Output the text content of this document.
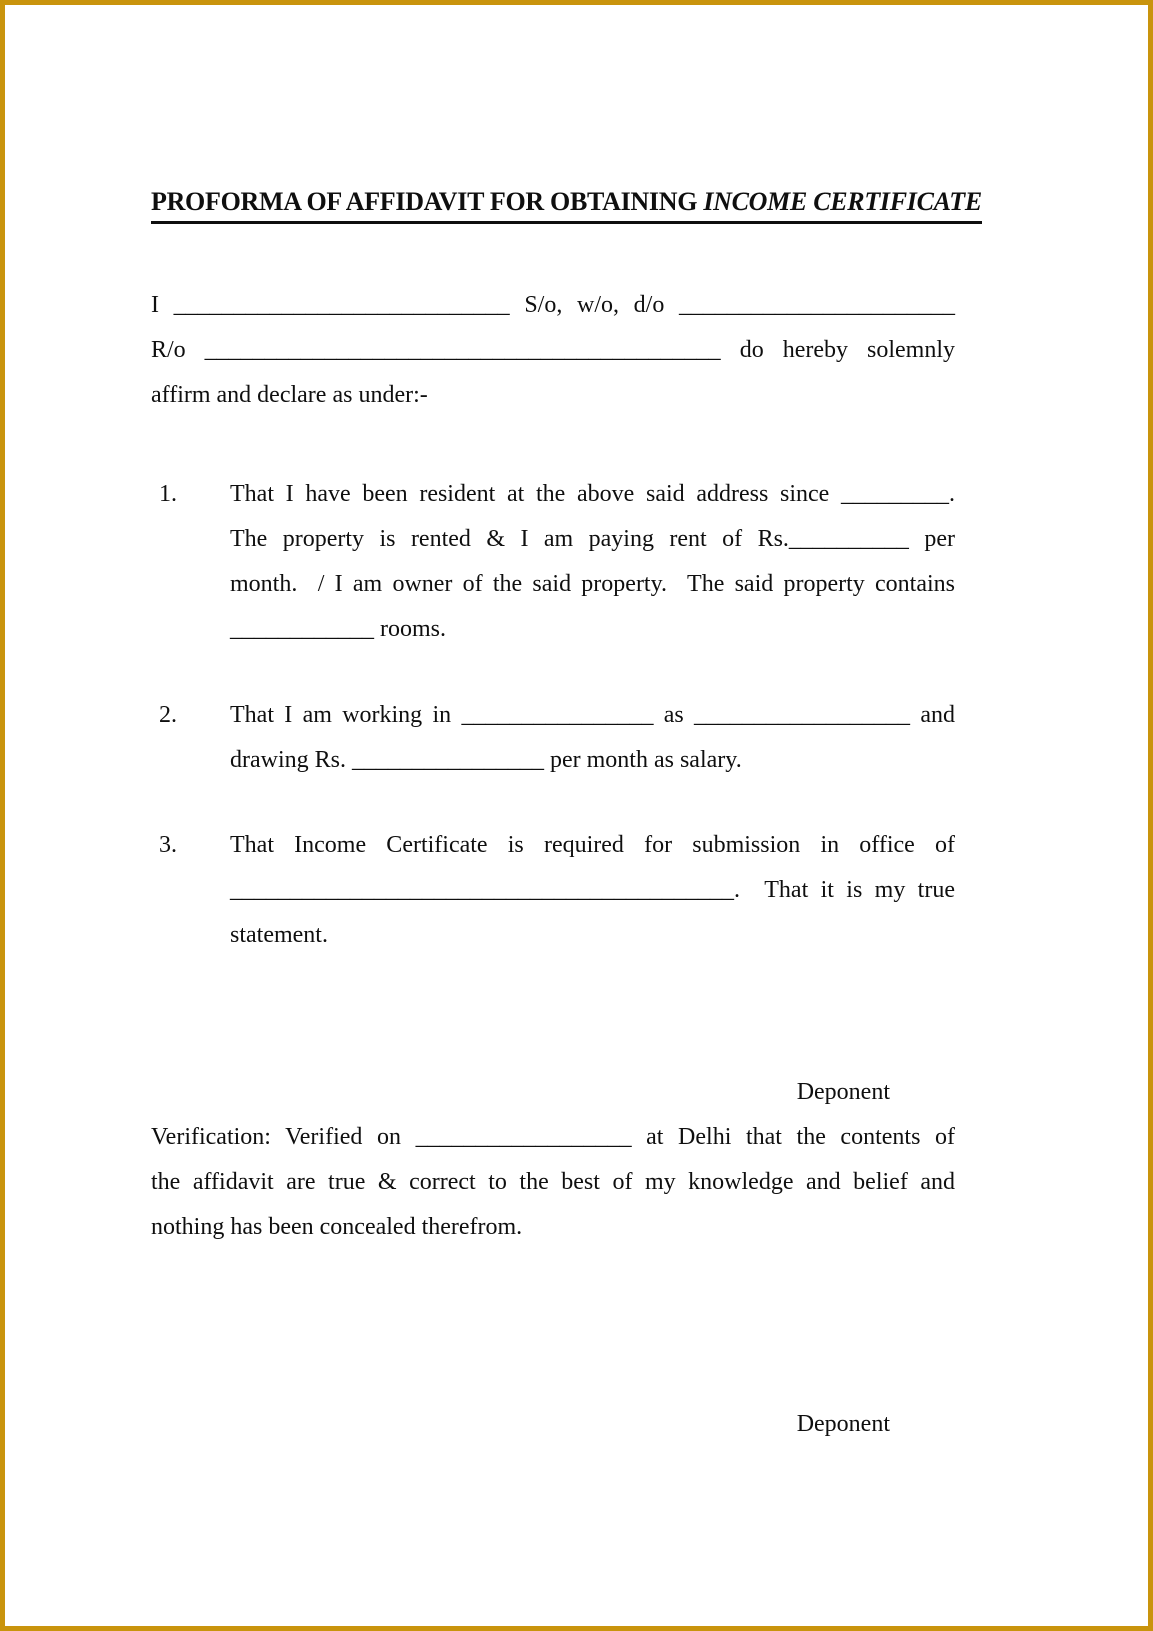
PROFORMA OF AFFIDAVIT FOR OBTAINING INCOME CERTIFICATE
I ____________________________ S/o, w/o, d/o _______________________
R/o ___________________________________________ do hereby solemnly
affirm and declare as under:-
1.	That I have been resident at the above said address since _________.
The property is rented & I am paying rent of Rs.__________ per
month.  / I am owner of the said property.  The said property contains
____________ rooms.
2.	That I am working in ________________ as __________________ and
drawing Rs. ________________ per month as salary.
3.	That Income Certificate is required for submission in office of
__________________________________________.  That it is my true
statement.
Deponent
Verification: Verified on __________________ at Delhi that the contents of
the affidavit are true & correct to the best of my knowledge and belief and
nothing has been concealed therefrom.
Deponent
